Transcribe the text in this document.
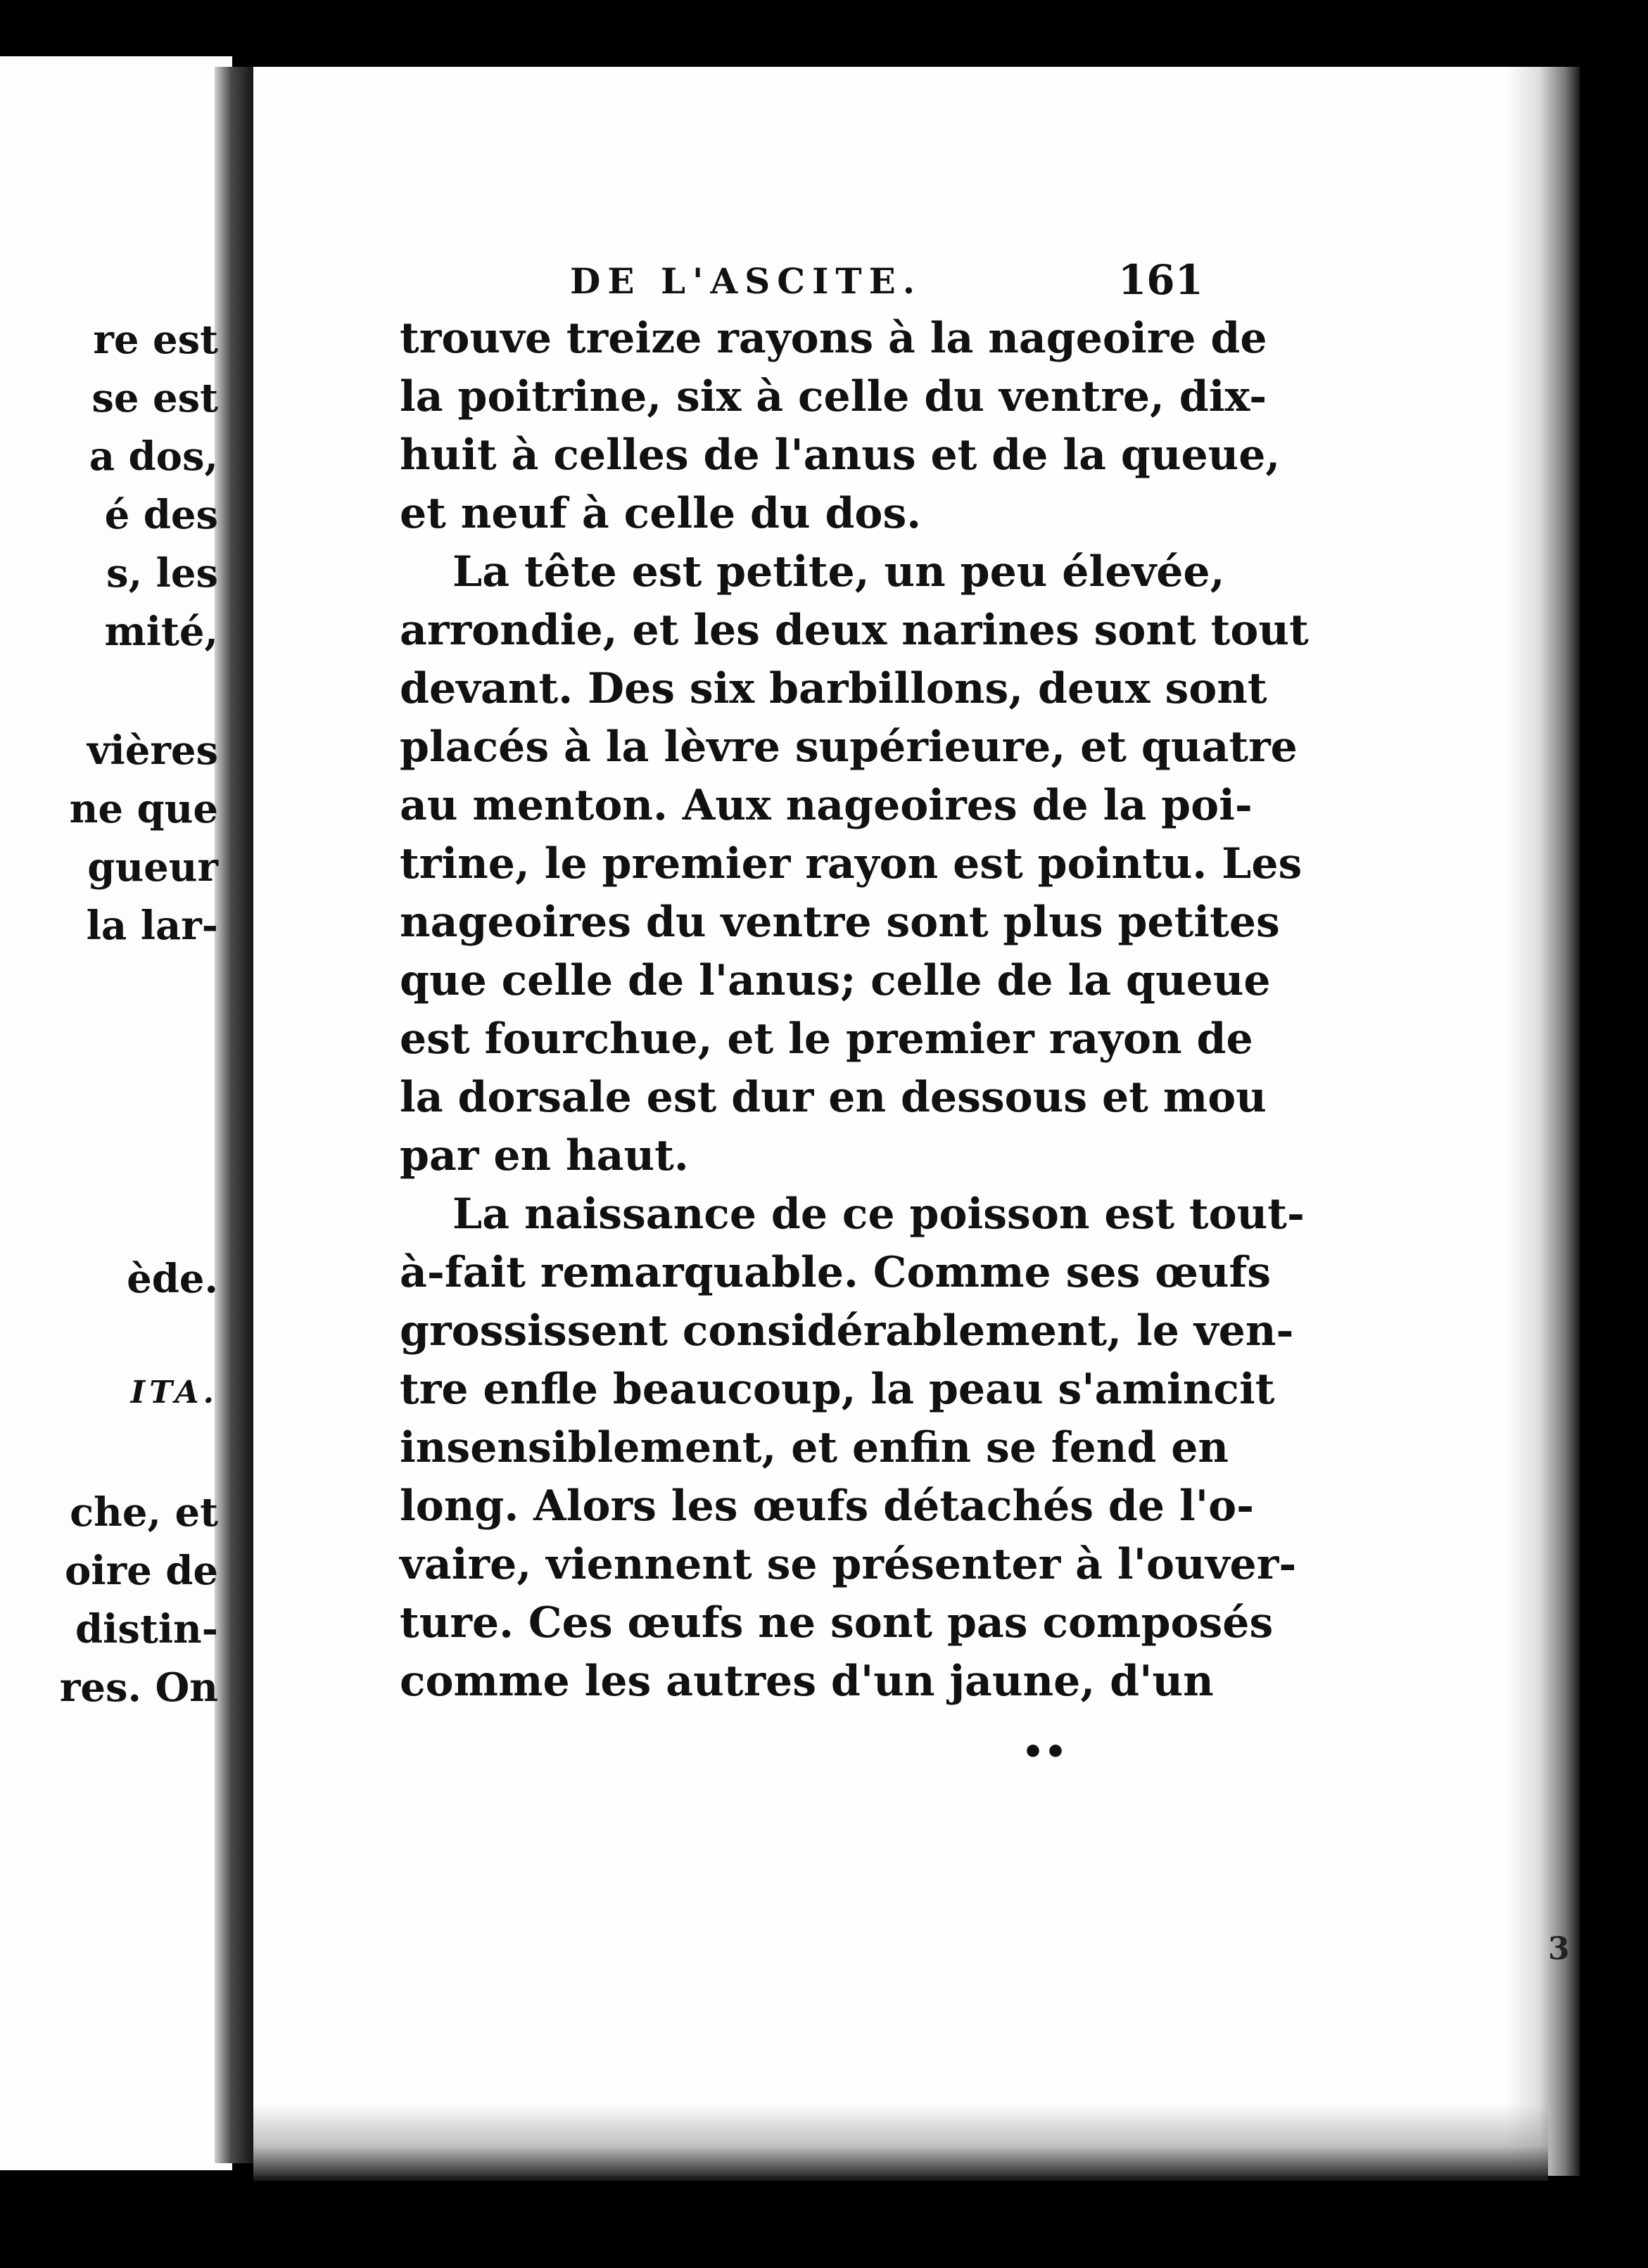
re est
se est
a dos,
é des
s, les
mité,
vières
ne que
gueur
la lar-
ède.
ITA.
che, et
oire de
distin-
res. On
DE L'ASCITE.	161
trouve treize rayons à la nageoire de
la poitrine, six à celle du ventre, dix-
huit à celles de l'anus et de la queue,
et neuf à celle du dos.
La tête est petite, un peu élevée,
arrondie, et les deux narines sont tout
devant. Des six barbillons, deux sont
placés à la lèvre supérieure, et quatre
au menton. Aux nageoires de la poi-
trine, le premier rayon est pointu. Les
nageoires du ventre sont plus petites
que celle de l'anus; celle de la queue
est fourchue, et le premier rayon de
la dorsale est dur en dessous et mou
par en haut.
La naissance de ce poisson est tout-
à-fait remarquable. Comme ses œufs
grossissent considérablement, le ven-
tre enfle beaucoup, la peau s'amincit
insensiblement, et enfin se fend en
long. Alors les œufs détachés de l'o-
vaire, viennent se présenter à l'ouver-
ture. Ces œufs ne sont pas composés
comme les autres d'un jaune, d'un
••
3
